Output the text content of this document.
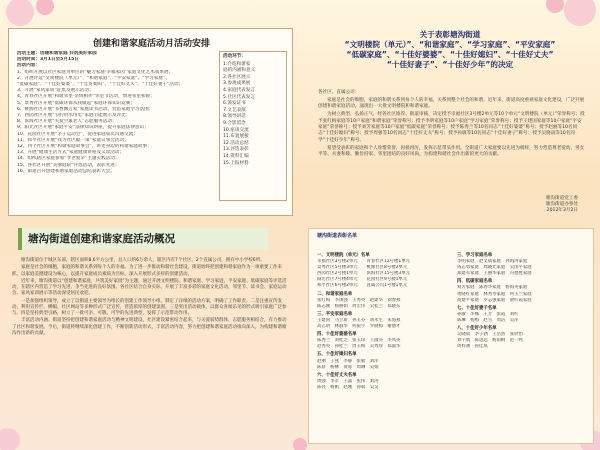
创建和谐家庭活动月活动安排
活动主题：创建和谐家庭 共筑美好家园
活动时间：3月1日至5月15日
活动内容：
1、组织开展以社区家庭为单位的“魅力家庭·幸福家园”家庭文化艺术成果展；
2、开展评选“文明楼院（单元）”、“和谐家庭”、“平安家庭”、“学习家庭”、
“低碳家庭”、“十佳好婆婆”、“十佳好媳妇”、“十佳好丈夫”、“十佳好妻子”活动；
3、开展“家风家训”征集及展示活动；
4、青春社区开展“和谐邻里·亲情相伴”邻里节活动，增进邻里和睦；
5、景秀社区开展“低碳环保从我做起”家庭环保知识竞赛；
6、桃源社区开展“书香飘万家”家庭读书活动，营造家庭学习氛围；
7、西园社区开展“节约用水用电”家庭节能展示及评比；
8、滨海社区开展“关爱空巢老人”志愿服务活动；
9、阳光社区开展“家庭平安”法律知识讲座，提升家庭法律意识；
10、花园社区开展“亲子运动会”，促进家庭成员沟通交流；
11、和平社区开展“我为社区献一策”家庭议事会活动；
12、四个社区开展“和谐家庭故事会”，讲述身边的和谐家庭故事；
13、开展“健康生活方式”家庭健康讲座及义诊活动；
14、组织辖区家庭参加“孝老爱亲”主题实践活动；
15、各社区开展“美丽庭院”评选活动，表彰先进；
16、街道召开创建和谐家庭活动总结表彰大会。
活动环节：
1.介绍和谐家
庭的内涵和意义
2.各社区展示
3.参观成果展
4.家庭代表发言
5.社区代表发言
6.颁发证书
7.文艺表演
8.领导讲话
9.合影留念
10.座谈交流
11.布置展板
12.活动总结
13.评选表彰
14.资料汇编
15.上报材料
关于表彰塘沟街道
“文明楼院（单元）”、“和谐家庭”、“学习家庭”、“平安家庭”
“低碳家庭”、“十佳好婆婆”、“十佳好媳妇”、“十佳好丈夫”
“十佳好妻子”、“十佳好少年”的决定

各社区、直属公司：

家庭是社会的细胞，家庭的和谐关系到每个人的幸福，关系到整个社会的和谐。近年来，街道高度重视家庭文化建设，广泛开展创建和谐家庭活动，涌现出一大批文明楼院和和谐家庭。

为树立典型、弘扬正气，经各社区推荐、街道审核，决定授予幸福社区3号楼2单元等10个单元“文明楼院（单元）”荣誉称号；授予张红梅家庭等10户家庭“和谐家庭”荣誉称号；授予李明家庭等10户家庭“学习家庭”荣誉称号；授予王建国家庭等10户家庭“平安家庭”荣誉称号；授予刘芳家庭等10户家庭“低碳家庭”荣誉称号；授予陈秀兰等10名同志“十佳好婆婆”称号；授予赵丽等10名同志“十佳好媳妇”称号；授予周强等10名同志“十佳好丈夫”称号；授予孙敏等10名同志“十佳好妻子”称号；授予吴晓雨等10名同学“十佳好少年”称号。

希望受表彰的家庭和个人珍惜荣誉，再接再厉，发挥示范带头作用。全街道广大家庭要以先进为榜样，努力营造尊老爱幼、男女平等、夫妻和睦、勤俭持家、邻里团结的良好风尚，为构建和谐社会作出新的更大的贡献。

塘沟街道党工委
塘沟街道办事处
2012年3月2日
塘沟街道创建和谐家庭活动概况

塘沟街道位于城区东部，辖区面积8.6平方公里，总人口约6万余人，辖区内有7个社区、2个直属公司，拥有中小学校6所。

家庭是社会的细胞，家庭的和谐关系到每个人的幸福。为了进一步推动和谐社会建设，街道始终把创建和谐家庭作为一项重要工作来抓，以家庭美德建设为核心，以提升家庭成员素质为目标，深入开展形式多样的创建活动。

近年来，塘沟街道以“创建和谐家庭，共筑美好家园”为主题，通过开展文明楼院、和谐家庭、学习家庭、平安家庭、低碳家庭等评选活动，在辖区内营造了学习先进、争当先进的良好氛围。各社区结合自身实际，开展了丰富多彩的家庭文化活动，邻里节、读书会、家庭运动会、家风家训展示等活动深受居民欢迎。

一是加强组织领导，成立了以街道主要领导为组长的创建工作领导小组，制定了详细的活动方案，明确了工作职责。二是注重宣传发动，利用宣传栏、横幅、社区网站等多种形式广泛宣传，营造浓厚的创建氛围。三是突出活动载体，以群众喜闻乐见的形式吸引家庭广泛参与。四是坚持典型引路，树立了一批可亲、可敬、可学的先进典型，发挥了示范带动作用。

丰富活动内涵。街道坚持把创建和谐家庭活动与精神文明建设、社区建设紧密结合起来，与关爱弱势群体、志愿服务相结合，有力推动了社区和谐发展。今后，街道将继续深化创建工作，不断创新活动形式，丰富活动内容，努力把创建和谐家庭活动推向深入，为构建和谐塘沟作出新的贡献。

塘沟街道表彰名单
一、文明楼院（单元）名单
幸福社区3号楼2单元　　青春社区12号楼1单元
景秀社区5号楼3单元　　桃源社区8号楼2单元
西园社区2号楼1单元　　滨海社区15号楼3单元
阳光社区7号楼4单元　　花园社区9号楼1单元
和平社区6号楼2单元　　直属公司1号楼1单元
二、和谐家庭名单
张红梅　李国强　王秀英　赵建华　刘春燕
陈志刚　杨丽娟　周宏伟　吴桂兰　郑晓东
三、平安家庭名单
王建国　马立新　孙玉芬　胡永生　朱海燕
高志明　林淑华　何振宇　罗晓梅　谢德才
四、十佳好婆婆名单
陈秀兰　刘桂芝　张玉珍　王淑芬　李凤英
赵秀英　孙桂兰　周玉梅　吴秀珍　郑淑华
五、十佳好媳妇名单
赵丽　王燕　李静　张敏　刘洋
陈晨　杨柳　黄蓉　周琳　吴娟
六、十佳好丈夫名单
周强　李军　王磊　张伟　刘涛
陈亮　杨帆　赵刚　孙斌　吴昊
三、学习家庭名单
李明家庭　赵文斌家庭　孙海涛家庭
钱志勇家庭　周晓光家庭　吴国平家庭
郑建军家庭　王丽华家庭　冯德胜家庭
四、低碳家庭名单
刘芳家庭　陈春华家庭　杨海英家庭
黄晓红家庭　林秀琴家庭　何玉兰家庭
高建平家庭　罗志强家庭　梁红霞家庭
七、十佳好妻子名单
孙敏　李娜　王芳　张霞　刘红
陈琳　杨梅　赵雪　周洁　吴萍
八、十佳好少年名单
吴晓雨　李子涵　王浩然　张欣怡
刘宇航　陈思远　杨雨桐　赵一鸣
周梓涵　孙佳琪
